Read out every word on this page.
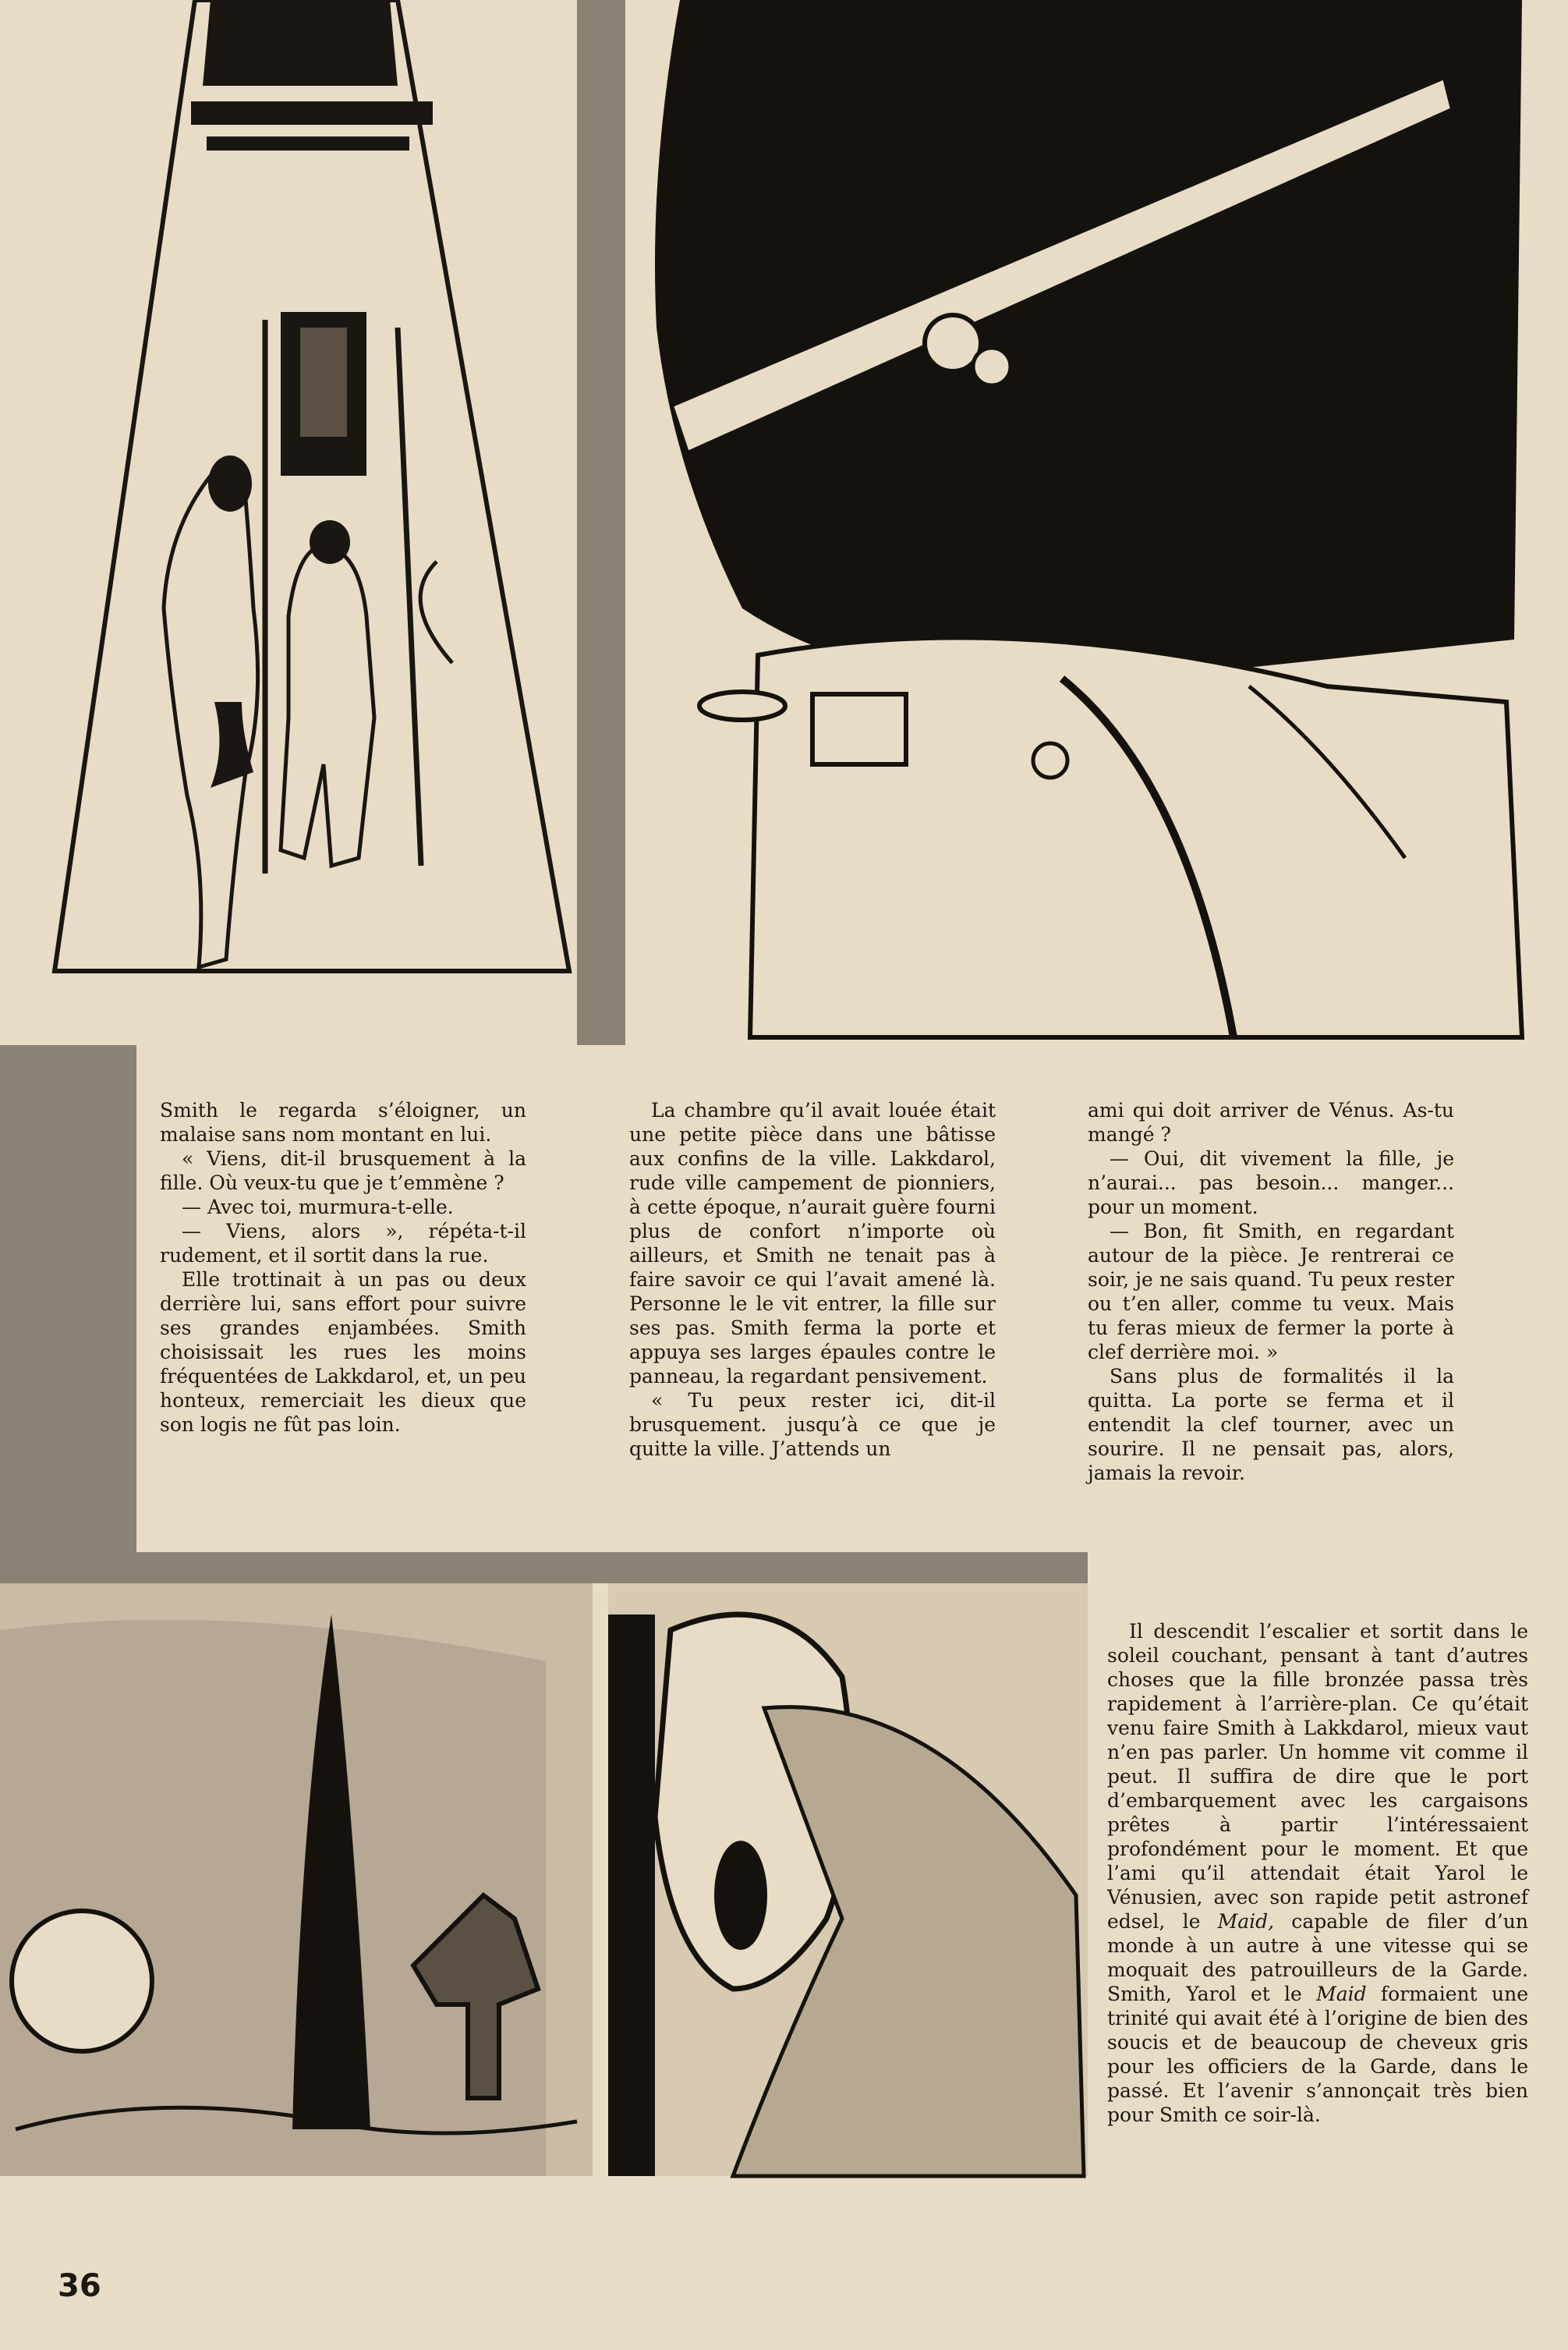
Smith le regarda s’éloigner, un malaise sans nom montant en lui.

« Viens, dit-il brusquement à la fille. Où veux-tu que je t’emmène ?

— Avec toi, murmura-t-elle.

— Viens, alors », répéta-t-il rudement, et il sortit dans la rue.

Elle trottinait à un pas ou deux derrière lui, sans effort pour suivre ses grandes enjambées. Smith choisissait les rues les moins fréquentées de Lakkdarol, et, un peu honteux, remerciait les dieux que son logis ne fût pas loin.

La chambre qu’il avait louée était une petite pièce dans une bâtisse aux confins de la ville. Lakkdarol, rude ville campement de pionniers, à cette époque, n’aurait guère fourni plus de confort n’importe où ailleurs, et Smith ne tenait pas à faire savoir ce qui l’avait amené là. Personne le le vit entrer, la fille sur ses pas. Smith ferma la porte et appuya ses larges épaules contre le panneau, la regardant pensivement.

« Tu peux rester ici, dit-il brusquement. jusqu’à ce que je quitte la ville. J’attends un

ami qui doit arriver de Vénus. As-tu mangé ?

— Oui, dit vivement la fille, je n’aurai... pas besoin... manger... pour un moment.

— Bon, fit Smith, en regardant autour de la pièce. Je rentrerai ce soir, je ne sais quand. Tu peux rester ou t’en aller, comme tu veux. Mais tu feras mieux de fermer la porte à clef derrière moi. »

Sans plus de formalités il la quitta. La porte se ferma et il entendit la clef tourner, avec un sourire. Il ne pensait pas, alors, jamais la revoir.

Il descendit l’escalier et sortit dans le soleil couchant, pensant à tant d’autres choses que la fille bronzée passa très rapidement à l’arrière-plan. Ce qu’était venu faire Smith à Lakkdarol, mieux vaut n’en pas parler. Un homme vit comme il peut. Il suffira de dire que le port d’embarquement avec les cargaisons prêtes à partir l’intéressaient profondément pour le moment. Et que l’ami qu’il attendait était Yarol le Vénusien, avec son rapide petit astronef edsel, le Maid, capable de filer d’un monde à un autre à une vitesse qui se moquait des patrouilleurs de la Garde. Smith, Yarol et le Maid formaient une trinité qui avait été à l’origine de bien des soucis et de beaucoup de cheveux gris pour les officiers de la Garde, dans le passé. Et l’avenir s’annonçait très bien pour Smith ce soir-là.

36
